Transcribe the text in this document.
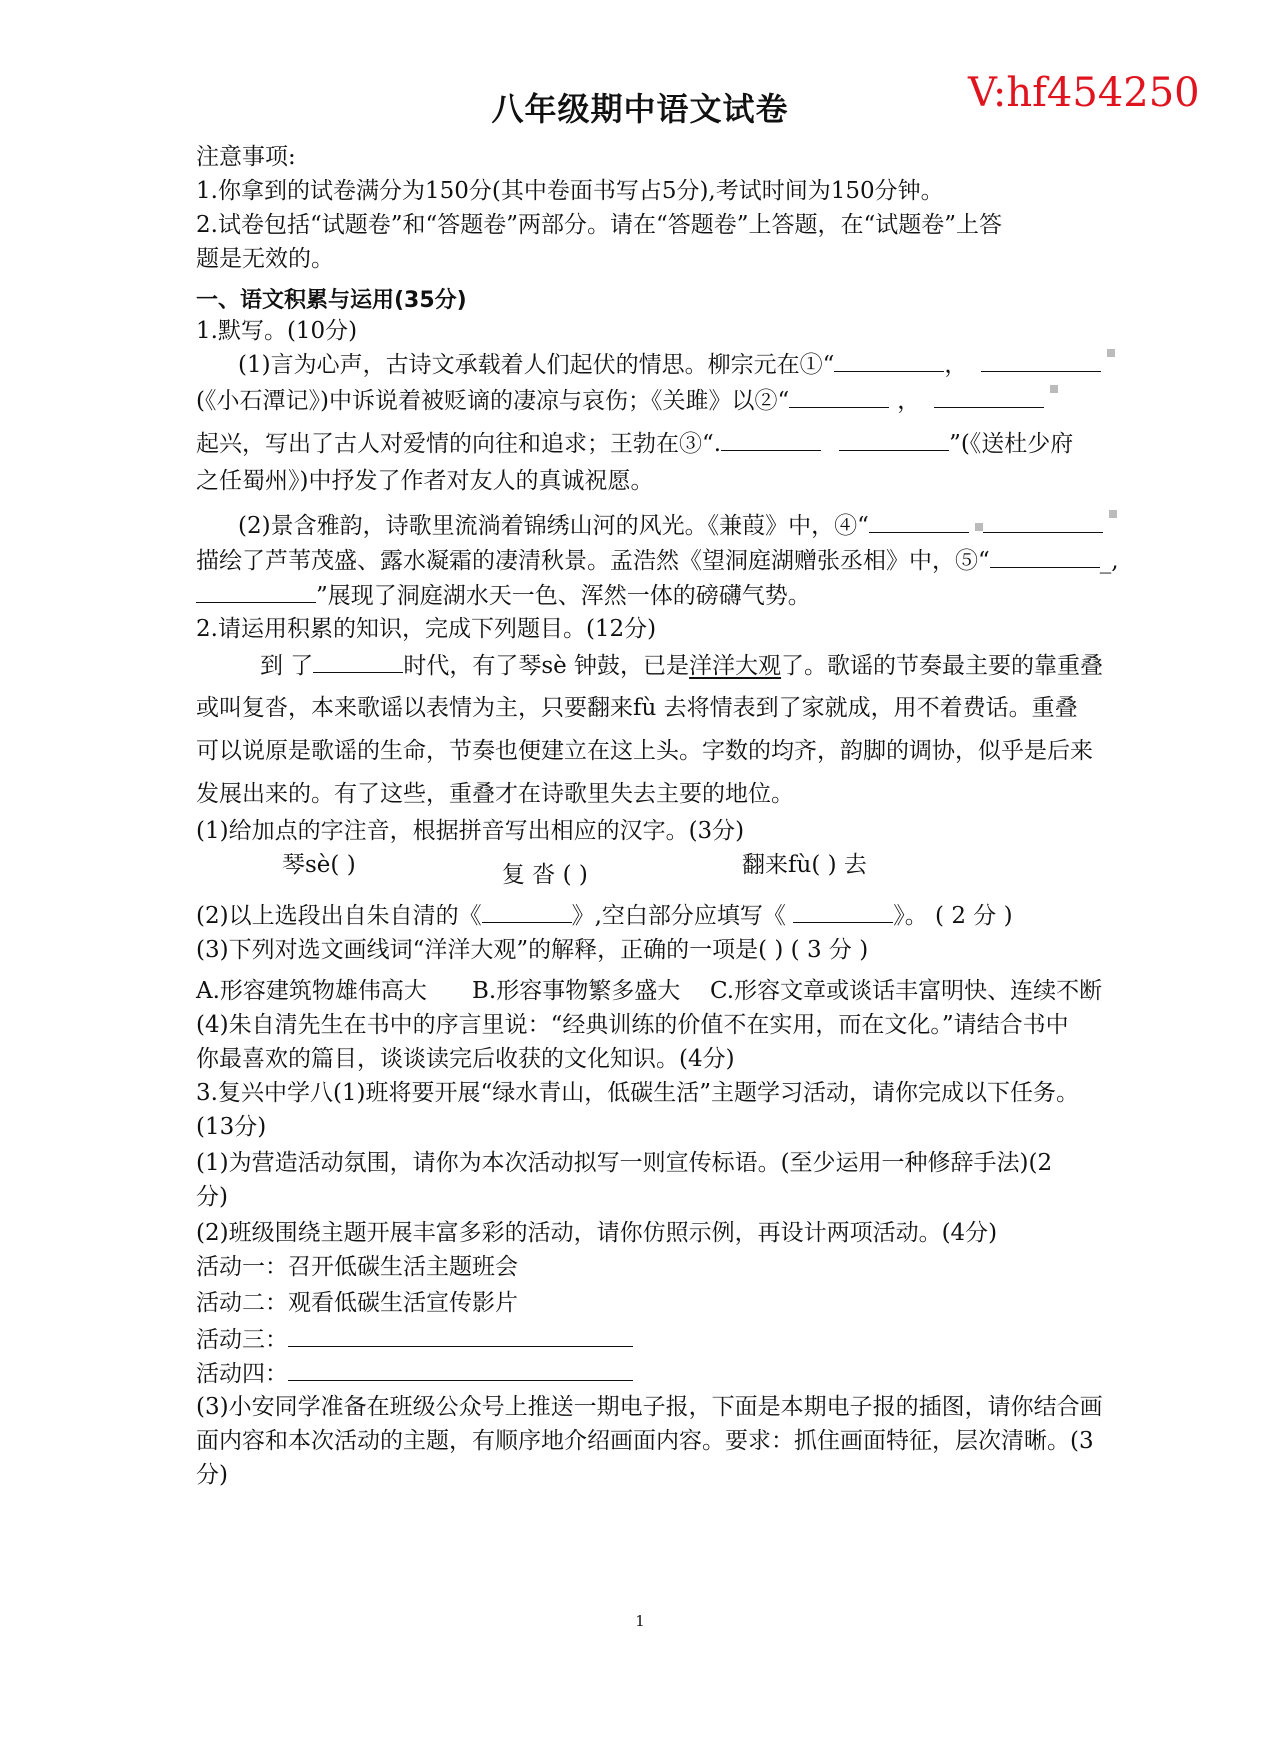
八年级期中语文试卷	V:hf454250
注意事项:
1.你拿到的试卷满分为150分(其中卷面书写占5分),考试时间为150分钟。
2.试卷包括“试题卷”和“答题卷”两部分。请在“答题卷”上答题，在“试题卷”上答
题是无效的。
一、语文积累与运用(35分)
1.默写。(10分)
(1)言为心声，古诗文承载着人们起伏的情思。柳宗元在①“	，
(《小石潭记》)中诉说着被贬谪的凄凉与哀伤；《关雎》以②“	，
起兴，写出了古人对爱情的向往和追求；王勃在③“.	”(《送杜少府
之任蜀州》)中抒发了作者对友人的真诚祝愿。
(2)景含雅韵，诗歌里流淌着锦绣山河的风光。《兼葭》中，④“
描绘了芦苇茂盛、露水凝霜的凄清秋景。孟浩然《望洞庭湖赠张丞相》中，⑤“	_,
”展现了洞庭湖水天一色、浑然一体的磅礴气势。
2.请运用积累的知识，完成下列题目。(12分)
到 了	时代，有了琴sè 钟鼓，已是洋洋大观了。歌谣的节奏最主要的靠重叠
或叫复沓，本来歌谣以表情为主，只要翻来fù 去将情表到了家就成，用不着费话。重叠
可以说原是歌谣的生命，节奏也便建立在这上头。字数的均齐，韵脚的调协，似乎是后来
发展出来的。有了这些，重叠才在诗歌里失去主要的地位。
(1)给加点的字注音，根据拼音写出相应的汉字。(3分)
琴sè( )	复 沓 ( )	翻来fù( ) 去
(2)以上选段出自朱自清的《	》,空白部分应填写《	》。 ( 2 分 )
(3)下列对选文画线词“洋洋大观”的解释，正确的一项是( ) ( 3 分 )
A.形容建筑物雄伟高大 B.形容事物繁多盛大 C.形容文章或谈话丰富明快、连续不断
(4)朱自清先生在书中的序言里说：“经典训练的价值不在实用，而在文化。”请结合书中
你最喜欢的篇目，谈谈读完后收获的文化知识。(4分)
3.复兴中学八(1)班将要开展“绿水青山，低碳生活”主题学习活动，请你完成以下任务。
(13分)
(1)为营造活动氛围，请你为本次活动拟写一则宣传标语。(至少运用一种修辞手法)(2
分)
(2)班级围绕主题开展丰富多彩的活动，请你仿照示例，再设计两项活动。(4分)
活动一：召开低碳生活主题班会
活动二：观看低碳生活宣传影片
活动三：
活动四：
(3)小安同学准备在班级公众号上推送一期电子报，下面是本期电子报的插图，请你结合画
面内容和本次活动的主题，有顺序地介绍画面内容。要求：抓住画面特征，层次清晰。(3
分)
1
